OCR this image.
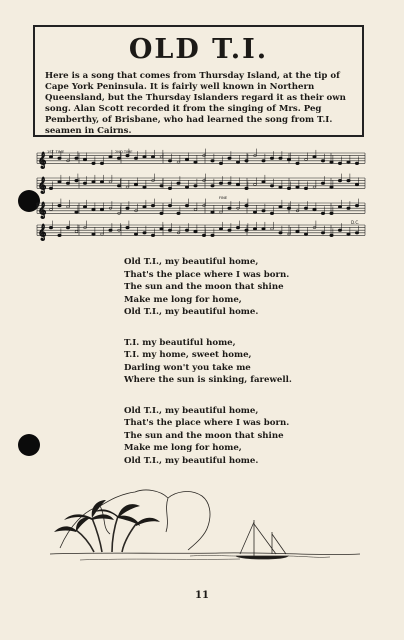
OLD T.I.

Here is a song that comes from Thursday Island, at the tip of Cape York Peninsula. It is fairly well known in Northern Queensland, but the Thursday Islanders regard it as their own song. Alan Scott recorded it from the singing of Mrs. Peg Pemberthy, of Brisbane, who had learned the song from T.I. seamen in Cairns.

𝄞
𝄞
𝄞
𝄞
1ST. TIME	2ND TIME
FINE
D.C.
Old T.I., my beautiful home,
That's the place where I was born.
The sun and the moon that shine
Make me long for home,
Old T.I., my beautiful home.
T.I. my beautiful home,
T.I. my home, sweet home,
Darling won't you take me
Where the sun is sinking, farewell.
Old T.I., my beautiful home,
That's the place where I was born.
The sun and the moon that shine
Make me long for home,
Old T.I., my beautiful home.
11
